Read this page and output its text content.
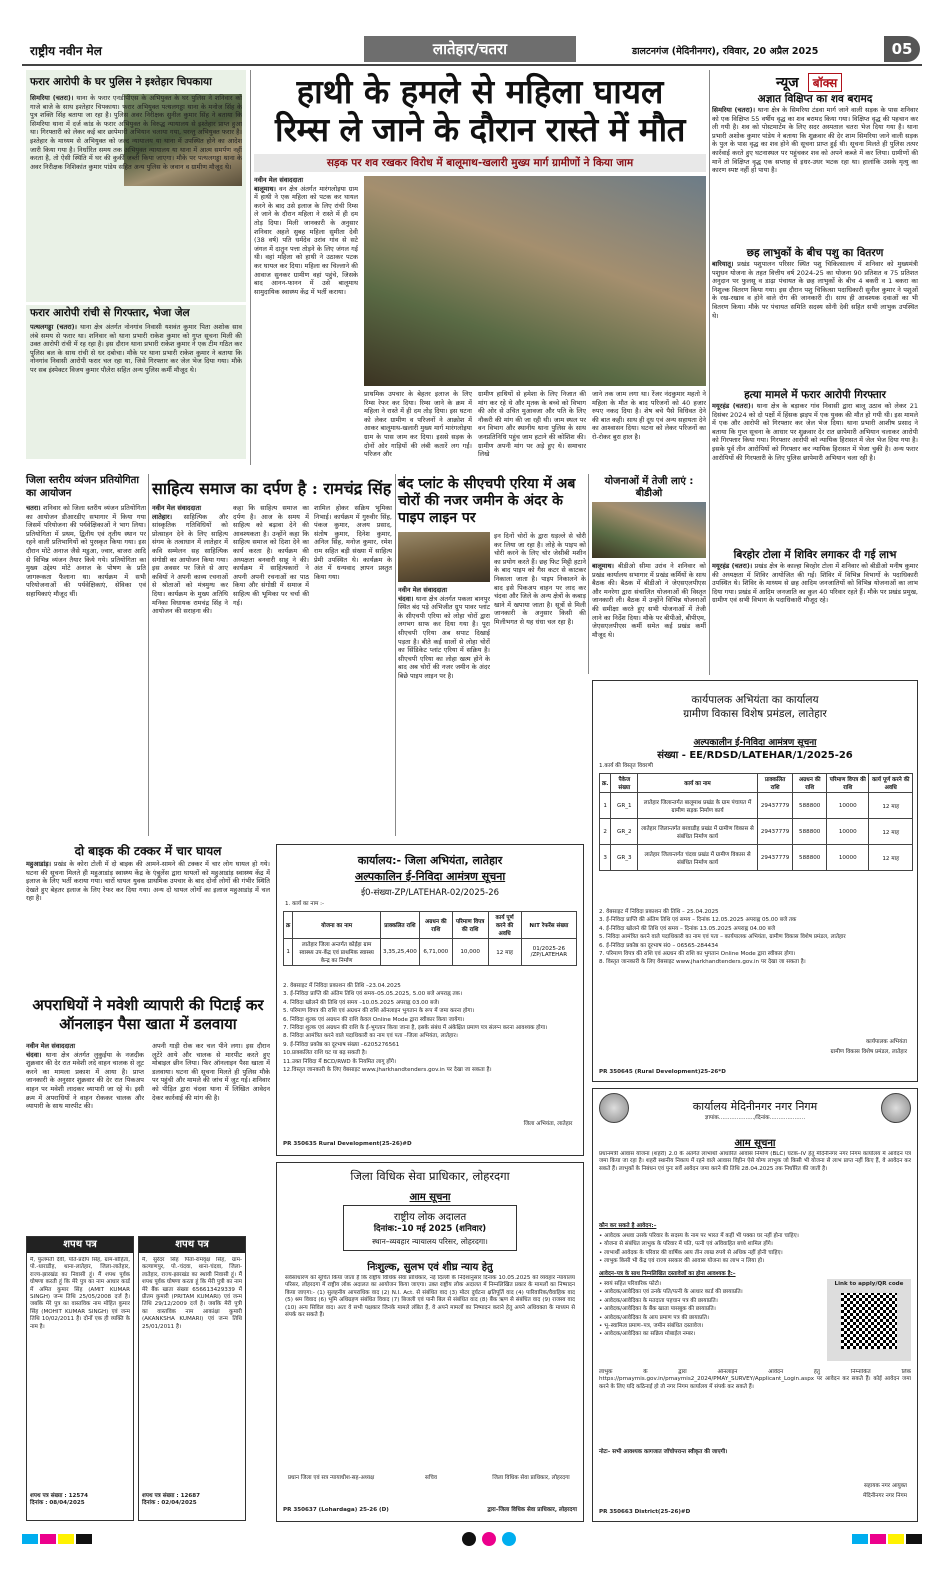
राष्ट्रीय नवीन मेल	लातेहार/चतरा	डालटनगंज (मेदिनीनगर), रविवार, 20 अप्रैल 2025	05
फरार आरोपी के घर पुलिस ने इश्तेहार चिपकाया
सिमरिया (चतरा)। थाना के फरार एनडीपीएस के अभियुक्त के घर पुलिस ने शनिवार को गाजे बाजे के साथ इश्तेहार चिपकाया। फरार अभियुक्त पत्थलगड्डा थाना के मनोज सिंह के पुत्र शक्ति सिंह बताया जा रहा है। पुलिस अवर निरीक्षक सुनील कुमार सिंह ने बताया कि सिमरिया थाना में दर्ज कांड के फरार अभियुक्त के विरुद्ध न्यायालय से इश्तेहार प्राप्त हुआ था। गिरफ्तारी को लेकर कई बार छापेमारी अभियान चलाया गया, परन्तु अभियुक्त फरार है। इश्तेहार के माध्यम से अभियुक्त को जल्द न्यायालय या थाना में उपस्थित होने का आदेश जारी किया गया है। निर्धारित समय तक अभियुक्त न्यायालय या थाना में आत्म समर्पण नहीं करता है, तो ऐसी स्थिति में घर की कुर्की जब्ती किया जाएगा। मौके पर पत्थलगड्डा थाना के अवर निरीक्षक निशिकांत कुमार पांडेय सहित अन्य पुलिस के जवान व ग्रामीण मौजूद थे।
फरार आरोपी रांची से गिरफ्तार, भेजा जेल
पत्थलगड्डा (चतरा)। थाना क्षेत्र अंतर्गत नोनगांव निवासी यशवंत कुमार पिता अशोक साव लंबे समय से फरार था। शनिवार को थाना प्रभारी राकेश कुमार को गुप्त सूचना मिली की उक्त आरोपी रांची में रह रहा है। इस दौरान थाना प्रभारी राकेश कुमार ने एक टीम गठित कर पुलिस बल के साथ रांची से धर दबोचा। मौके पर थाना प्रभारी राकेश कुमार ने बताया कि नोनगांव निवासी आरोपी फरार चल रहा था, जिसे गिरफ्तार कर जेल भेज दिया गया। मौके पर सब इंस्पेक्टर विजय कुमार पौलेरा सहित अन्य पुलिस कर्मी मौजूद थे।
हाथी के हमले से महिला घायल
रिम्स ले जाने के दौरान रास्ते में मौत
सड़क पर शव रखकर विरोध में बालूमाथ-खलारी मुख्य मार्ग ग्रामीणों ने किया जाम
नवीन मेल संवाददाता
बालूमाथ। वन क्षेत्र अंतर्गत मारंगलोइया ग्राम में हाथी ने एक महिला को पटक कर घायल करने के बाद उसे इलाज के लिए रांची रिम्स ले जाने के दौरान महिला ने रास्ते में ही दम तोड़ दिया। मिली जानकारी के अनुसार शनिवार अहले सुबह महिला सुमीता देवी (38 वर्ष) पति धर्मदेव उरांव गांव से सटे जंगल में दातुन पत्ता तोड़ने के लिए जंगल गई थी। वहां महिला को हाथी ने उठाकर पटक कर घायल कर दिया। महिला का चिल्लाने की आवाज सुनकर ग्रामीण वहां पहुंचे, जिसके बाद आनन-फानन में उसे बालूमाथ सामुदायिक स्वास्थ्य केंद्र में भर्ती कराया।
प्राथमिक उपचार के बेहतर इलाज के लिए रिम्स रेफर कर दिया। रिम्स जाने के क्रम में महिला ने रास्ते में ही दम तोड़ दिया। इस घटना को लेकर ग्रामीण व परिजनों ने आक्रोश में आकर बालूमाथ-खलारी मुख्य मार्ग मारंगलोइया ग्राम के पास जाम कर दिया। इससे सड़क के दोनों ओर गाड़ियों की लंबी कतारें लग गईं। परिजन और
ग्रामीण हाथियों से हमेशा के लिए निजात की मांग कर रहे थे और मृतक के बच्चे को विभाग की ओर से उचित मुआवजा और पति के लिए नौकरी की मांग की जा रही थी। जाम स्थल पर वन विभाग और स्थानीय थाना पुलिस के साथ जनप्रतिनिधि पहुंच जाम हटाने की कोशिश की। ग्रामीण अपनी मांग पर अड़े हुए थे। समाचार लिखे
जाने तक जाम लगा था। रेंजर नंदकुमार महतो ने महिला के मौत के बाद परिजनों को 40 हजार रुपए नकद दिया है। शेष बचे पैसे विधिवत देने की बात कही। साथ ही दूध एवं अन्य सहायता देने का आश्वासन दिया। घटना को लेकर परिजनों का रो-रोकर बुरा हाल है।
न्यूज बॉक्स
अज्ञात विक्षिप्त का शव बरामद
सिमरिया (चतरा)। थाना क्षेत्र के सिमरिया टंडवा मार्ग जाने वाली सड़क के पास शनिवार को एक विक्षिप्त 55 वर्षीय वृद्ध का शव बरामद किया गया। विक्षिप्त वृद्ध की पहचान कर ली गयी है। शव को पोस्टमार्टम के लिए सदर अस्पताल चतरा भेज दिया गया है। थाना प्रभारी अशोक कुमार पांडेय ने बताया कि शुक्रवार की देर शाम सिमरिया जाने वाली सड़क के पुल के पास वृद्ध का शव होने की सूचना प्राप्त हुई थी। सूचना मिलते ही पुलिस तत्पर कार्रवाई करते हुए घटनास्थल पर पहुंचकर शव को अपने कब्जे में कर लिया। ग्रामीणों की मानें तो विक्षिप्त वृद्ध एक सप्ताह से इधर-उधर भटक रहा था। हालांकि उसके मृत्यु का कारण स्पष्ट नहीं हो पाया है।
छह लाभुकों के बीच पशु का वितरण
बारियातू। प्रखंड पशुपालन परिसर स्थित पशु चिकित्सालय में शनिवार को मुख्यमंत्री पशुधन योजना के तहत वित्तीय वर्ष 2024-25 का योजना 90 प्रतिशत व 75 प्रतिशत अनुदान पर फुलसू व डाढ़ा पंचायत के छह लाभुकों के बीच 4 बकरी व 1 बकरा का निशुल्क वितरण किया गया। इस दौरान पशु चिकित्सा पदाधिकारी सुनील कुमार ने पशुओं के रख-रखाव व होने वाले रोग की जानकारी दी। साथ ही आवश्यक दवाओं का भी वितरण किया। मौके पर पंचायत समिति सदस्य सोनी देवी सहित सभी लाभुक उपस्थित थे।
हत्या मामले में फरार आरोपी गिरफ्तार
मयूरहंड (चतरा)। थाना क्षेत्र के बड़ाकर गांव निवासी द्वारा बालू उठाव को लेकर 21 दिसंबर 2024 को दो पक्षों में हिंसक झड़प में एक युवक की मौत हो गयी थी। इस मामले में एक और आरोपी को गिरफ्तार कर जेल भेज दिया। थाना प्रभारी आशीष प्रसाद ने बताया कि गुप्त सूचना के आधार पर शुक्रवार देर रात छापेमारी अभियान चलाकर आरोपी को गिरफ्तार किया गया। गिरफ्तार आरोपी को न्यायिक हिरासत में जेल भेज दिया गया है। इसके पूर्व तीन आरोपियों को गिरफ्तार कर न्यायिक हिरासत में भेजा चुकी है। अन्य फरार आरोपियों की गिरफ्तारी के लिए पुलिस छापेमारी अभियान चला रही है।
बिरहोर टोला में शिविर लगाकर दी गई लाभ
मयूरहंड (चतरा)। प्रखंड क्षेत्र के काल्हा बिरहोर टोला में शनिवार को बीडीओ मनीष कुमार की अध्यक्षता में शिविर आयोजित की गई। शिविर में विभिन्न विभागों के पदाधिकारी उपस्थित थे। शिविर के माध्यम से छह आदिम जनजातियों को विभिन्न योजनाओं का लाभ दिया गया। प्रखंड में आदिम जनजाति का कुल 40 परिवार रहते हैं। मौके पर प्रखंड प्रमुख, ग्रामीण एवं सभी विभाग के पदाधिकारी मौजूद रहे।
जिला स्तरीय व्यंजन प्रतियोगिता का आयोजन
चतरा। शनिवार को जिला स्तरीय व्यंजन प्रतियोगिता का आयोजन डीआरडीए सभागार में किया गया जिसमें परियोजना की पर्यवेक्षिकाओं ने भाग लिया। प्रतियोगिता में प्रथम, द्वितीय एवं तृतीय स्थान पर रहने वाली प्रतिभागियों को पुरस्कृत किया गया। इस दौरान मोटे अनाज जैसे मडुआ, ज्वार, बाजरा आदि से विभिन्न व्यंजन तैयार किये गये। प्रतियोगिता का मुख्य उद्देश्य मोटे अनाज के पोषण के प्रति जागरूकता फैलाना था। कार्यक्रम में सभी परियोजनाओं की पर्यवेक्षिकाएं, सेविका एवं सहायिकाएं मौजूद थीं।
साहित्य समाज का दर्पण है : रामचंद्र सिंह
नवीन मेल संवाददाता
लातेहार। साहित्यिक और सांस्कृतिक गतिविधियों को प्रोत्साहन देने के लिए साहित्य संगम के तत्वाधान में लातेहार में कवि सम्मेलन सह साहित्यिक संगोष्ठी का आयोजन किया गया। इस अवसर पर जिले से आए कवियों ने अपनी काव्य रचनाओं से श्रोताओं को मंत्रमुग्ध कर दिया। कार्यक्रम के मुख्य अतिथि मनिका विधायक रामचंद्र सिंह ने आयोजन की सराहना की।
कहा कि साहित्य समाज का दर्पण है। आज के समय में साहित्य को बढ़ावा देने की आवश्यकता है। उन्होंने कहा कि साहित्य समाज को दिशा देने का कार्य करता है। कार्यक्रम की अध्यक्षता बनवारी साहू ने की। कार्यक्रम में साहित्यकारों ने अपनी अपनी रचनाओं का पाठ किया और संगोष्ठी में समाज में साहित्य की भूमिका पर चर्चा की गई।
शामिल होकर सक्रिय भूमिका निभाई। कार्यक्रम में गुरुवीर सिंह, पंकज कुमार, अजय प्रसाद, संतोष कुमार, दिनेश कुमार, अनिल सिंह, मनोज कुमार, रमेश राम सहित बड़ी संख्या में साहित्य प्रेमी उपस्थित थे। कार्यक्रम के अंत में धन्यवाद ज्ञापन प्रस्तुत किया गया।
बंद प्लांट के सीएचपी एरिया में अब चोरों की नजर जमीन के अंदर के पाइप लाइन पर
नवीन मेल संवाददाता
चंदवा। थाना क्षेत्र अंतर्गत पकला बानपुर स्थित बंद पड़े अभिजीत ग्रुप पावर प्लांट के सीएचपी एरिया को लोहा चोरों द्वारा लगभग साफ कर दिया गया है। पूरा सीएचपी एरिया अब सपाट दिखाई पड़ता है। बीते कई सालों से लोहा चोरों का सिंडिकेट प्लांट एरिया में सक्रिय है। सीएचपी एरिया का लोहा खत्म होने के बाद अब चोरों की नजर जमीन के अंदर बिछे पाइप लाइन पर है।
इन दिनों चोरों के द्वारा धड़ल्ले से चोरी कर लिया जा रहा है। लोहे के पाइप को चोरी करने के लिए चोर जेसीबी मशीन का प्रयोग करते हैं। छह फिट मिट्टी हटाने के बाद पाइप को गैस कटर से काटकर निकाला जाता है। पाइप निकालने के बाद इसे पिकअप वाहन पर लाद कर चंदवा और जिले के अन्य क्षेत्रों के कबाड़ खाने में खपाया जाता है। सूत्रों से मिली जानकारी के अनुसार किसी की मिलीभगत से यह धंधा चल रहा है।
योजनाओं में तेजी लाएं : बीडीओ
बालूमाथ। बीडीओ सीमा उरांव ने शनिवार को प्रखंड कार्यालय सभागार में प्रखंड कर्मियों के साथ बैठक की। बैठक में बीडीओ ने जेएसएलपीएस और मनरेगा द्वारा संचालित योजनाओं की विस्तृत जानकारी ली। बैठक में उन्होंने विभिन्न योजनाओं की समीक्षा करते हुए सभी योजनाओं में तेजी लाने का निर्देश दिया। मौके पर बीपीओ, बीपीएम, जेएसएलपीएस कर्मी समेत कई प्रखंड कर्मी मौजूद थे।
कार्यपालक अभियंता का कार्यालय
ग्रामीण विकास विशेष प्रमंडल, लातेहार
अल्पकालीन ई-निविदा आमंत्रण सूचना
संख्या - EE/RDSD/LATEHAR/1/2025-26
1.कार्य की विस्तृत विवरणी
क्र.	पैकेज संख्या	कार्य का नाम	प्राक्कलित राशि	अग्रधन की राशि	परिमाण विपत्र की राशि	कार्य पूर्ण करने की अवधि
1	GR_1	लातेहार जिलान्तर्गत बालूमाथ प्रखंड के ग्राम पंचायत में ग्रामीण सड़क निर्माण कार्य	29437779	588800	10000	12 माह
2	GR_2	लातेहार जिलान्तर्गत बरवाडीह प्रखंड में ग्रामीण विकास से संबंधित निर्माण कार्य	29437779	588800	10000	12 माह
3	GR_3	लातेहार जिलान्तर्गत चंदवा प्रखंड में ग्रामीण विकास से संबंधित निर्माण कार्य	29437779	588800	10000	12 माह
2. वेबसाइट में निविदा प्रकाशन की तिथि – 25.04.2025
3. ई-निविदा प्राप्ति की अंतिम तिथि एवं समय – दिनांक 12.05.2025 अपराह्न 05.00 बजे तक
4. ई-निविदा खोलने की तिथि एवं समय – दिनांक 13.05.2025 अपराह्न 04.00 बजे
5. निविदा आमंत्रित करने वाले पदाधिकारी का नाम एवं पता – कार्यपालक अभियंता, ग्रामीण विकास विशेष प्रमंडल, लातेहार
6. ई-निविदा प्रकोष्ठ का दूरभाष सं0 – 06565-284434
7. परिमाण विपत्र की राशि एवं अग्रधन की राशि का भुगतान Online Mode द्वारा स्वीकार होगा।
8. विस्तृत जानकारी के लिए वेबसाइट www.jharkhandtenders.gov.in पर देखा जा सकता है।
कार्यपालक अभियंता
ग्रामीण विकास विशेष प्रमंडल, लातेहार
PR 350645 (Rural Development)25-26*D
दो बाइक की टक्कर में चार घायल
महुआडांड़। प्रखंड के कोरा टोली में दो बाइक की आमने-सामने की टक्कर में चार लोग घायल हो गये। घटना की सूचना मिलते ही महुआडांड़ स्वास्थ्य केंद्र के एंबुलेंस द्वारा घायलों को महुआडांड़ स्वास्थ्य केंद्र में इलाज के लिए भर्ती कराया गया। चारों घायल युवक प्राथमिक उपचार के बाद दोनों लोगों की गंभीर स्थिति देखते हुए बेहतर इलाज के लिए रेफर कर दिया गया। अन्य दो घायल लोगों का इलाज महुआडांड़ में चल रहा है।
कार्यालय:- जिला अभियंता, लातेहार
अल्पकालिन ई-निविदा आमंत्रण सूचना
ई0-संख्या-ZP/LATEHAR-02/2025-26
1. कार्य का नाम :-
क्र	योजना का नाम	प्राक्कलित राशि	अग्रधन की राशि	परिमाण विपत्र की राशि	कार्य पूर्ण करने की अवधि	NIT रेफरेंस संख्या
1	लातेहार जिला अन्तर्गत कोईहा ग्राम स्वास्थ्य उप-केंद्र एवं प्राथमिक स्वास्थ्य केन्द्र का निर्माण	3,35,25,400	6,71,000	10,000	12 माह	01/2025-26 /ZP/LATEHAR
2. वेबसाइट में निविदा प्रकाशन की तिथि –23.04.2025
3. ई-निविदा प्राप्ति की अंतिम तिथि एवं समय–05.05.2025, 5.00 बजे अपराह्न तक।
4. निविदा खोलने की तिथि एवं समय –10.05.2025 अपराह्न 03.00 बजे।
5. परिमाण विपत्र की राशि एवं अग्रधन की राशि ऑनलाइन भुगतान के रूप में जमा करना होगा।
6. निविदा शुल्क एवं अग्रधन की राशि केवल Online Mode द्वारा स्वीकार किया जायेगा।
7. निविदा शुल्क एवं अग्रधन की राशि के ई-भुगतान किया जाना है, इसके संबंध में अंकेक्षित प्रमाण पत्र संलग्न करना आवश्यक होगा।
8. निविदा आमंत्रित करने वाले पदाधिकारी का नाम एवं पता –जिला अभियंता, लातेहार।
9. ई-निविदा प्रकोष्ठ का दूरभाष संख्या –6205276561
10.प्राक्कलित राशि घट या बढ़ सकती है।
11.उक्त निविदा में BCD/RWD के नियमित लागू होंगे।
12.विस्तृत जानकारी के लिए वेबसाइट www.jharkhandtenders.gov.in पर देखा जा सकता है।
जिला अभियंता, लातेहार
PR 350635 Rural Development(25-26)#D
अपराधियों ने मवेशी व्यापारी की पिटाई कर ऑनलाइन पैसा खाता में डलवाया
नवीन मेल संवाददाता
चंदवा। थाना क्षेत्र अंतर्गत लुकुईया के नजदीक शुक्रवार की देर रात मवेशी लदे वाहन चालक से लूट करने का मामला प्रकाश में आया है। प्राप्त जानकारी के अनुसार शुक्रवार की देर रात पिकअप वाहन पर मवेशी लादकर व्यापारी जा रहे थे। इसी क्रम में अपराधियों ने वाहन रोककर चालक और व्यापारी के साथ मारपीट की।
अपनी गाड़ी रोक कर चल पीने लगा। इस दौरान लुटेरे आये और चालक से मारपीट करते हुए मोबाइल छीन लिया। फिर ऑनलाइन पैसा खाता में डलवाया। घटना की सूचना मिलते ही पुलिस मौके पर पहुंची और मामले की जांच में जुट गई। शनिवार को पीड़ित द्वारा चंदवा थाना में लिखित आवेदन देकर कार्रवाई की मांग की है।
शपथ पत्र
मैं, फुलमती देवी, पति-प्रदीप सिंह, ग्राम-बोहिता, पो.-धाराडीह, थाना-लातेहार, जिला-लातेहार, राज्य-झारखंड का निवासी हूं। मैं शपथ पूर्वक घोषणा करती हूं कि मेरे पुत्र का नाम आधार कार्ड में अमित कुमार सिंह (AMIT KUMAR SINGH) जन्म तिथि 25/05/2008 दर्ज है। जबकि मेरे पुत्र का वास्तविक नाम मोहित कुमार सिंह (MOHIT KUMAR SINGH) एवं जन्म तिथि 10/02/2011 है। दोनों एक ही व्यक्ति के नाम है।
शपथ पत्र संख्या : 12574
दिनांक : 08/04/2025
शपथ पत्र
मैं, सुरेंदर सिंह पिता-रामवृक्ष सिंह, ग्राम-कल्याणपुर, पो.-चंदवा, थाना-चंदवा, जिला-लातेहार, राज्य-झारखंड का स्थायी निवासी हूं। मैं शपथ पूर्वक घोषणा करता हूं कि मेरी पुत्री का नाम मेरे बैंक खाता संख्या 656613429339 में प्रीतम कुमारी (PRITAM KUMARI) एवं जन्म तिथि 29/12/2009 दर्ज है। जबकि मेरी पुत्री का वास्तविक नाम आकांक्षा कुमारी (AKANKSHA KUMARI) एवं जन्म तिथि 25/01/2011 है।
शपथ पत्र संख्या : 12687
दिनांक : 02/04/2025
जिला विधिक सेवा प्राधिकार, लोहरदगा
आम सूचना
राष्ट्रीय लोक अदालत
दिनांक:–10 मई 2025 (शनिवार)
स्थान–व्यवहार न्यायालय परिसर, लोहरदगा।
निःशुल्क, सुलभ एवं शीघ्र न्याय हेतु
सर्वसाधारण को सूचित किया जाता है कि राष्ट्रीय विधिक सेवा प्राधिकार, नई दिल्ली के निर्देशानुसार दिनांक 10.05.2025 को व्यवहार न्यायालय परिसर, लोहरदगा में राष्ट्रीय लोक अदालत का आयोजन किया जाएगा। उक्त राष्ट्रीय लोक अदालत में निम्नलिखित प्रकार के मामलों का निष्पादन किया जाएगा:- (1) सुलहनीय आपराधिक वाद (2) N.I. Act. से संबंधित वाद (3) मोटर दुर्घटना क्षतिपूर्ति वाद (4) पारिवारिक/वैवाहिक वाद (5) श्रम विवाद (6) भूमि अधिग्रहण संबंधित विवाद (7) बिजली एवं पानी बिल से संबंधित वाद (8) बैंक ऋण से संबंधित वाद (9) राजस्व वाद (10) अन्य सिविल वाद। अतः वे सभी पक्षकार जिनके मामले लंबित हैं, वे अपने मामलों का निष्पादन कराने हेतु अपने अधिवक्ता के माध्यम से संपर्क कर सकते हैं।
प्रधान जिला एवं सत्र न्यायाधीश-सह-अध्यक्ष	सचिव	जिला विधिक सेवा प्राधिकार, लोहरदगा
PR 350637 (Lohardaga) 25-26 (D)	द्वारा–जिला विधिक सेवा प्राधिकार, लोहरदगा
कार्यालय मेदिनीनगर नगर निगम
ज्ञापांक..................../दिनांक....................
आम सूचना
प्रधानमंत्री आवास योजना (शहरी) 2.0 के अंतर्गत लाभार्थी आधारित आवास निर्माण (BLC) घटक–IV हेतु मेदिनीनगर नगर निगम कार्यालय में आवेदन पत्र जमा किया जा रहा है। शहरी स्थानीय निकाय में रहने वाले आवास विहीन ऐसे योग्य लाभुक जो किसी भी योजना से लाभ प्राप्त नहीं किए हैं, वे आवेदन कर सकते हैं। लाभुकों के निबंधन एवं पुनः सर्वे आवेदन जमा करने की तिथि 28.04.2025 तक निर्धारित की जाती है।
कौन कर सकते है आवेदन:–
• आवेदक अथवा उसके परिवार के सदस्य के नाम पर भारत में कहीं भी पक्का घर नहीं होना चाहिए।
• योजना से संबंधित लाभुक के परिवार में पति, पत्नी एवं अविवाहित बच्चे शामिल होंगे।
• लाभार्थी आवेदक के परिवार की वार्षिक आय तीन लाख रुपये से अधिक नहीं होनी चाहिए।
• लाभुक किसी भी केंद्र एवं राज्य सरकार की आवास योजना का लाभ न लिया हो।
आवेदन–पत्र के साथ निम्नलिखित दस्तावेजों का होना आवश्यक है:–
• स्वयं सहित परिवारिक फोटो।
• आवेदक/आवेदिका एवं उनके पति/पत्नी के आधार कार्ड की छायाप्रति।
• आवेदक/आवेदिका के मतदाता पहचान पत्र की छायाप्रति।
• आवेदक/आवेदिका के बैंक खाता पासबुक की छायाप्रति।
• आवेदक/आवेदिका के आय प्रमाण पत्र की छायाप्रति।
• भू–स्वामित्व प्रमाण–पत्र, जमीन संबंधित दस्तावेज।
• आवेदक/आवेदिका का सक्रिय मोबाईल नम्बर।
Link to apply/QR code
लाभुक के द्वारा ऑनलाइन आवेदन हेतु निम्नांकित लिंक https://pmaymis.gov.in/pmaymis2_2024/PMAY_SURVEY/Applicant_Login.aspx पर आवेदन कर सकते हैं। कोई आवेदन जमा करने के लिए यदि कठिनाई हो तो नगर निगम कार्यालय में संपर्क कर सकते हैं।
नोटः– सभी आवश्यक कागजात जॉचोपरान्त स्वीकृत की जाएगी।
सहायक नगर आयुक्त
मेदिनीनगर नगर निगम
PR 350663 District(25-26)#D
